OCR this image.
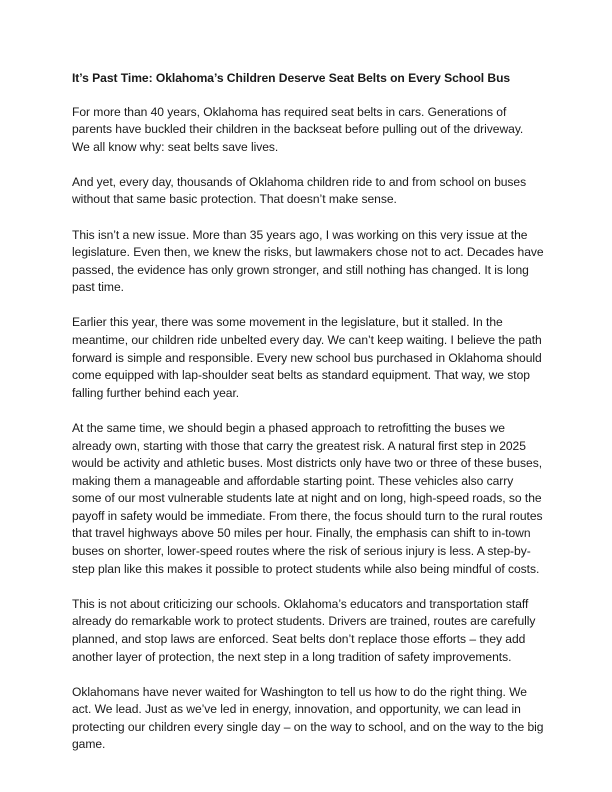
It’s Past Time: Oklahoma’s Children Deserve Seat Belts on Every School Bus

For more than 40 years, Oklahoma has required seat belts in cars. Generations of parents have buckled their children in the backseat before pulling out of the driveway. We all know why: seat belts save lives.

And yet, every day, thousands of Oklahoma children ride to and from school on buses without that same basic protection. That doesn’t make sense.

This isn’t a new issue. More than 35 years ago, I was working on this very issue at the legislature. Even then, we knew the risks, but lawmakers chose not to act. Decades have passed, the evidence has only grown stronger, and still nothing has changed. It is long past time.

Earlier this year, there was some movement in the legislature, but it stalled. In the meantime, our children ride unbelted every day. We can’t keep waiting. I believe the path forward is simple and responsible. Every new school bus purchased in Oklahoma should come equipped with lap-shoulder seat belts as standard equipment. That way, we stop falling further behind each year.

At the same time, we should begin a phased approach to retrofitting the buses we already own, starting with those that carry the greatest risk. A natural first step in 2025 would be activity and athletic buses. Most districts only have two or three of these buses, making them a manageable and affordable starting point. These vehicles also carry some of our most vulnerable students late at night and on long, high-speed roads, so the payoff in safety would be immediate. From there, the focus should turn to the rural routes that travel highways above 50 miles per hour. Finally, the emphasis can shift to in-town buses on shorter, lower-speed routes where the risk of serious injury is less. A step-by-step plan like this makes it possible to protect students while also being mindful of costs.

This is not about criticizing our schools. Oklahoma’s educators and transportation staff already do remarkable work to protect students. Drivers are trained, routes are carefully planned, and stop laws are enforced. Seat belts don’t replace those efforts – they add another layer of protection, the next step in a long tradition of safety improvements.

Oklahomans have never waited for Washington to tell us how to do the right thing. We act. We lead. Just as we’ve led in energy, innovation, and opportunity, we can lead in protecting our children every single day – on the way to school, and on the way to the big game.
